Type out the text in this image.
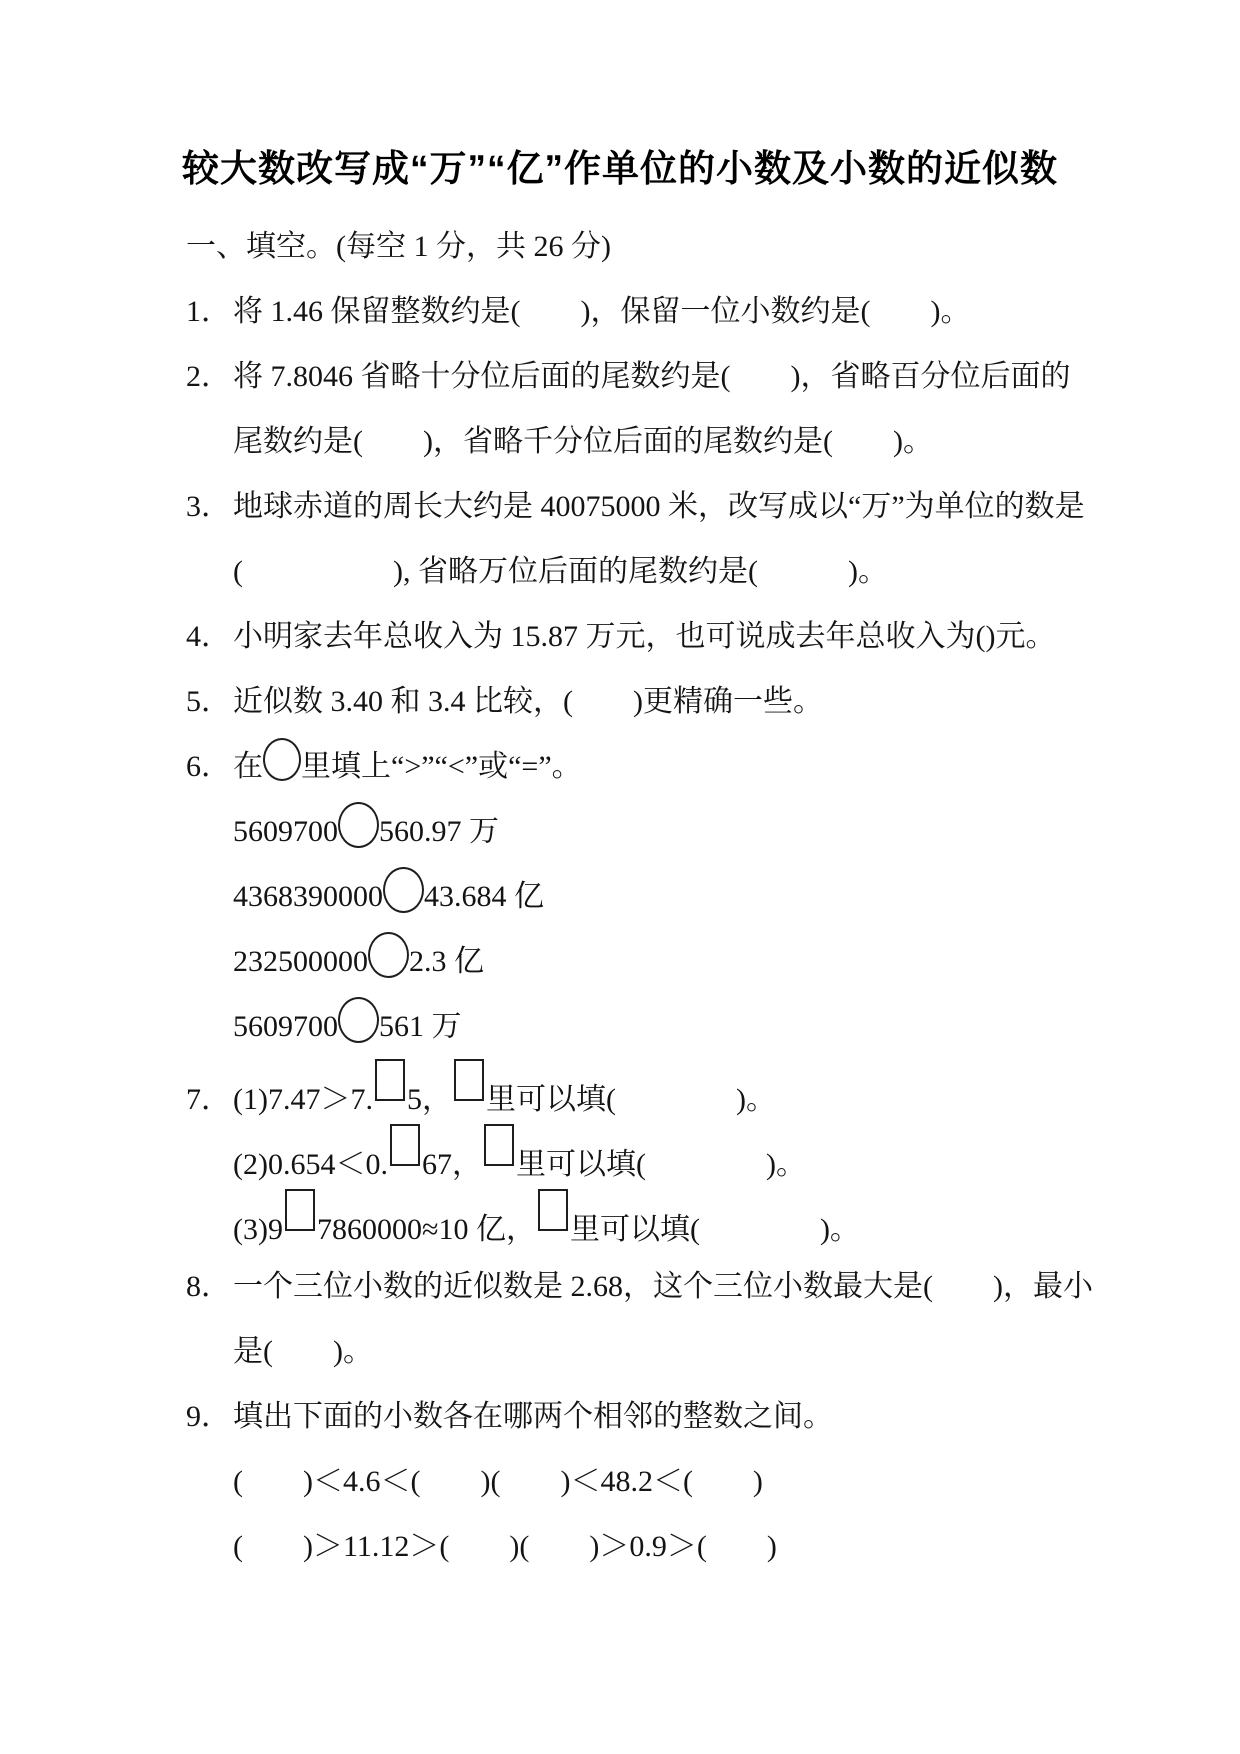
较大数改写成“万”“亿”作单位的小数及小数的近似数
一、填空。(每空 1 分，共 26 分)
1．将 1.46 保留整数约是(　　)，保留一位小数约是(　　)。
2．将 7.8046 省略十分位后面的尾数约是(　　)，省略百分位后面的
尾数约是(　　)，省略千分位后面的尾数约是(　　)。
3．地球赤道的周长大约是 40075000 米，改写成以“万”为单位的数是
(　　　　　), 省略万位后面的尾数约是(　　　)。
4．小明家去年总收入为 15.87 万元，也可说成去年总收入为()元。
5．近似数 3.40 和 3.4 比较，(　　)更精确一些。
6．在 里填上“>”“<”或“=”。
5609700 560.97 万
4368390000 43.684 亿
232500000 2.3 亿
5609700 561 万
7．(1)7.47＞7. 5， 里可以填(　　　　)。
(2)0.654＜0. 67， 里可以填(　　　　)。
(3)9 7860000≈10 亿， 里可以填(　　　　)。
8．一个三位小数的近似数是 2.68，这个三位小数最大是(　　)，最小
是(　　)。
9．填出下面的小数各在哪两个相邻的整数之间。
(　　)＜4.6＜(　　)(　　)＜48.2＜(　　)
(　　)＞11.12＞(　　)(　　)＞0.9＞(　　)
